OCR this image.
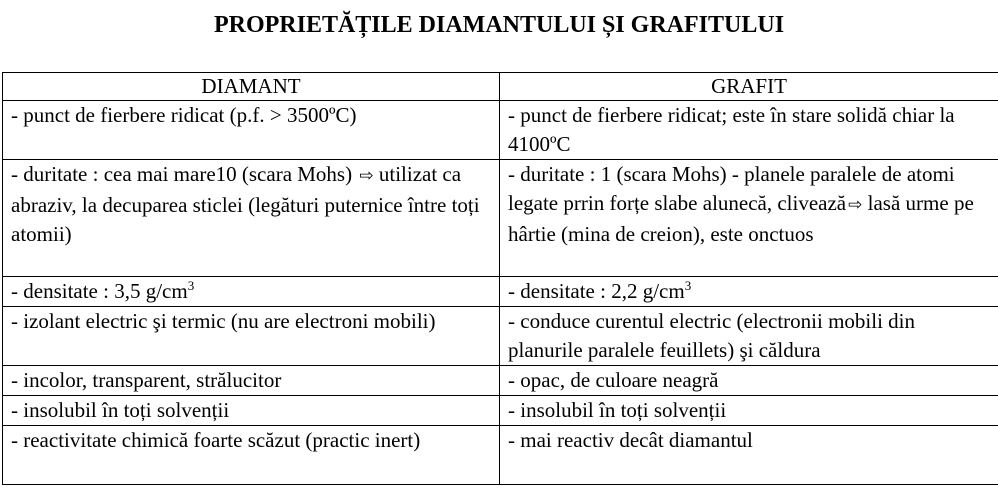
PROPRIETĂȚILE DIAMANTULUI ȘI GRAFITULUI
DIAMANT	GRAFIT
- punct de fierbere ridicat (p.f. > 3500ºC)	- punct de fierbere ridicat; este în stare solidă chiar la 4100ºC
- duritate : cea mai mare10 (scara Mohs) ⇨ utilizat ca abraziv, la decuparea sticlei (legături puternice între toți atomii)	- duritate : 1 (scara Mohs) - planele paralele de atomi legate prrin forțe slabe alunecă, clivează ⇨ lasă urme pe hârtie (mina de creion), este onctuos
- densitate : 3,5 $g/cm^3$	- densitate : 2,2 $g/cm^3$
- izolant electric şi termic (nu are electroni mobili)	- conduce curentul electric (electronii mobili din planurile paralele feuillets) şi căldura
- incolor, transparent, strălucitor	- opac, de culoare neagră
- insolubil în toți solvenții	- insolubil în toți solvenții
- reactivitate chimică foarte scăzut (practic inert)	- mai reactiv decât diamantul
